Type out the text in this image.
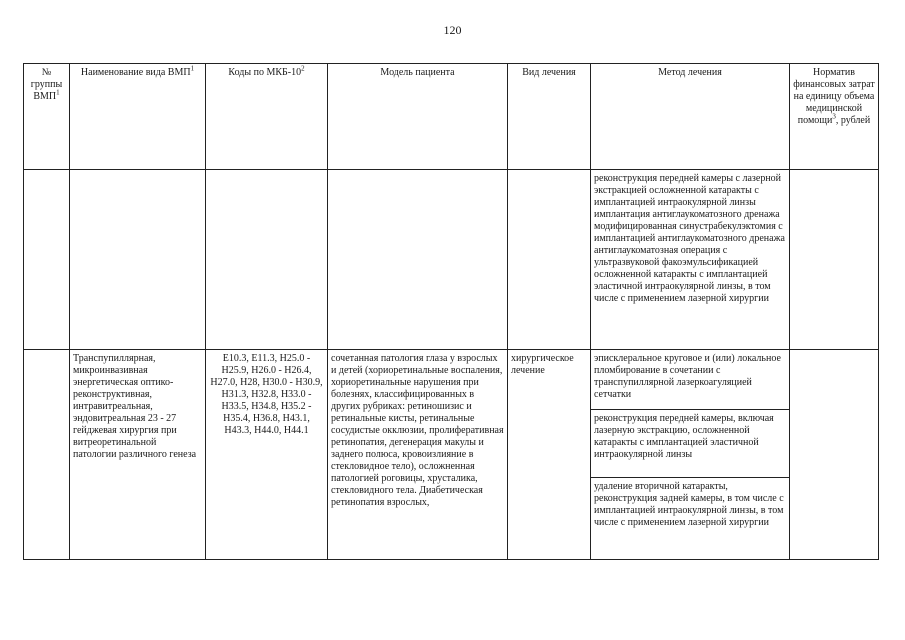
120
№ группы ВМП$^1$	Наименование вида ВМП$^1$	Коды по МКБ-$10^2$	Модель пациента	Вид лечения	Метод лечения	Норматив финансовых затрат на единицу объема медицинской помощи$^3$, рублей
					реконструкция передней камеры с лазерной экстракцией осложненной катаракты с имплантацией интраокулярной линзы имплантация антиглаукоматозного дренажа модифицированная синустрабекулэктомия с имплантацией антиглаукоматозного дренажа антиглаукоматозная операция с ультразвуковой факоэмульсификацией осложненной катаракты с имплантацией эластичной интраокулярной линзы, в том числе с применением лазерной хирургии	
	Транспупиллярная, микроинвазивная энергетическая оптико-реконструктивная, интравитреальная, эндовитреальная 23 - 27 гейджевая хирургия при витреоретинальной патологии различного генеза	E10.3, E11.3, H25.0 - H25.9, H26.0 - H26.4, H27.0, H28, H30.0 - H30.9, H31.3, H32.8, H33.0 - H33.5, H34.8, H35.2 - H35.4, H36.8, H43.1, H43.3, H44.0, H44.1	сочетанная патология глаза у взрослых и детей (хориоретинальные воспаления, хориоретинальные нарушения при болезнях, классифицированных в других рубриках: ретиношизис и ретинальные кисты, ретинальные сосудистые окклюзии, пролиферативная ретинопатия, дегенерация макулы и заднего полюса, кровоизлияние в стекловидное тело), осложненная патологией роговицы, хрусталика, стекловидного тела. Диабетическая ретинопатия взрослых,	хирургическое лечение	эписклеральное круговое и (или) локальное пломбирование в сочетании с транспупиллярной лазеркоагуляцией сетчатки	
					реконструкция передней камеры, включая лазерную экстракцию, осложненной катаракты с имплантацией эластичной интраокулярной линзы	
					удаление вторичной катаракты, реконструкция задней камеры, в том числе с имплантацией интраокулярной линзы, в том числе с применением лазерной хирургии	
